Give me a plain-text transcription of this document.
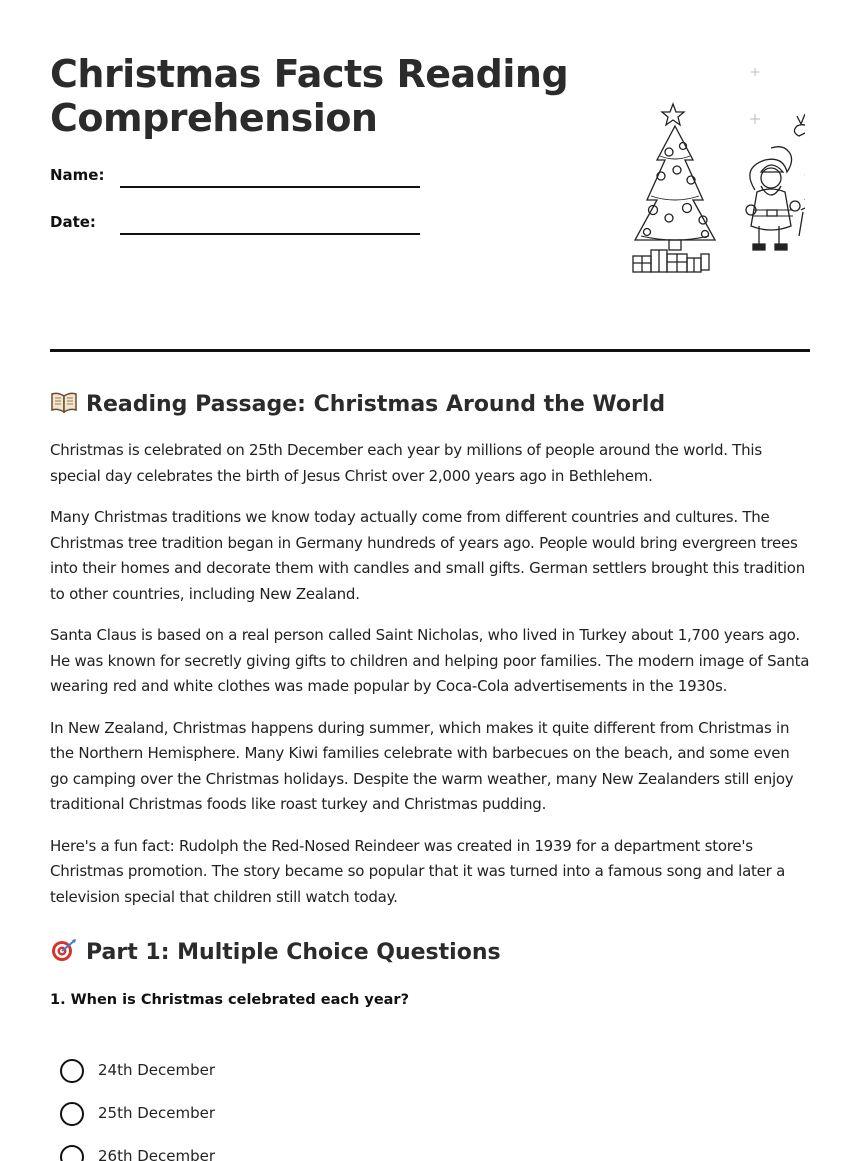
Christmas Facts Reading Comprehension
Name:
Date:
Reading Passage: Christmas Around the World

Christmas is celebrated on 25th December each year by millions of people around the world. This special day celebrates the birth of Jesus Christ over 2,000 years ago in Bethlehem.

Many Christmas traditions we know today actually come from different countries and cultures. The Christmas tree tradition began in Germany hundreds of years ago. People would bring evergreen trees into their homes and decorate them with candles and small gifts. German settlers brought this tradition to other countries, including New Zealand.

Santa Claus is based on a real person called Saint Nicholas, who lived in Turkey about 1,700 years ago. He was known for secretly giving gifts to children and helping poor families. The modern image of Santa wearing red and white clothes was made popular by Coca-Cola advertisements in the 1930s.

In New Zealand, Christmas happens during summer, which makes it quite different from Christmas in the Northern Hemisphere. Many Kiwi families celebrate with barbecues on the beach, and some even go camping over the Christmas holidays. Despite the warm weather, many New Zealanders still enjoy traditional Christmas foods like roast turkey and Christmas pudding.

Here's a fun fact: Rudolph the Red-Nosed Reindeer was created in 1939 for a department store's Christmas promotion. The story became so popular that it was turned into a famous song and later a television special that children still watch today.

Part 1: Multiple Choice Questions
1. When is Christmas celebrated each year?
24th December
25th December
26th December
